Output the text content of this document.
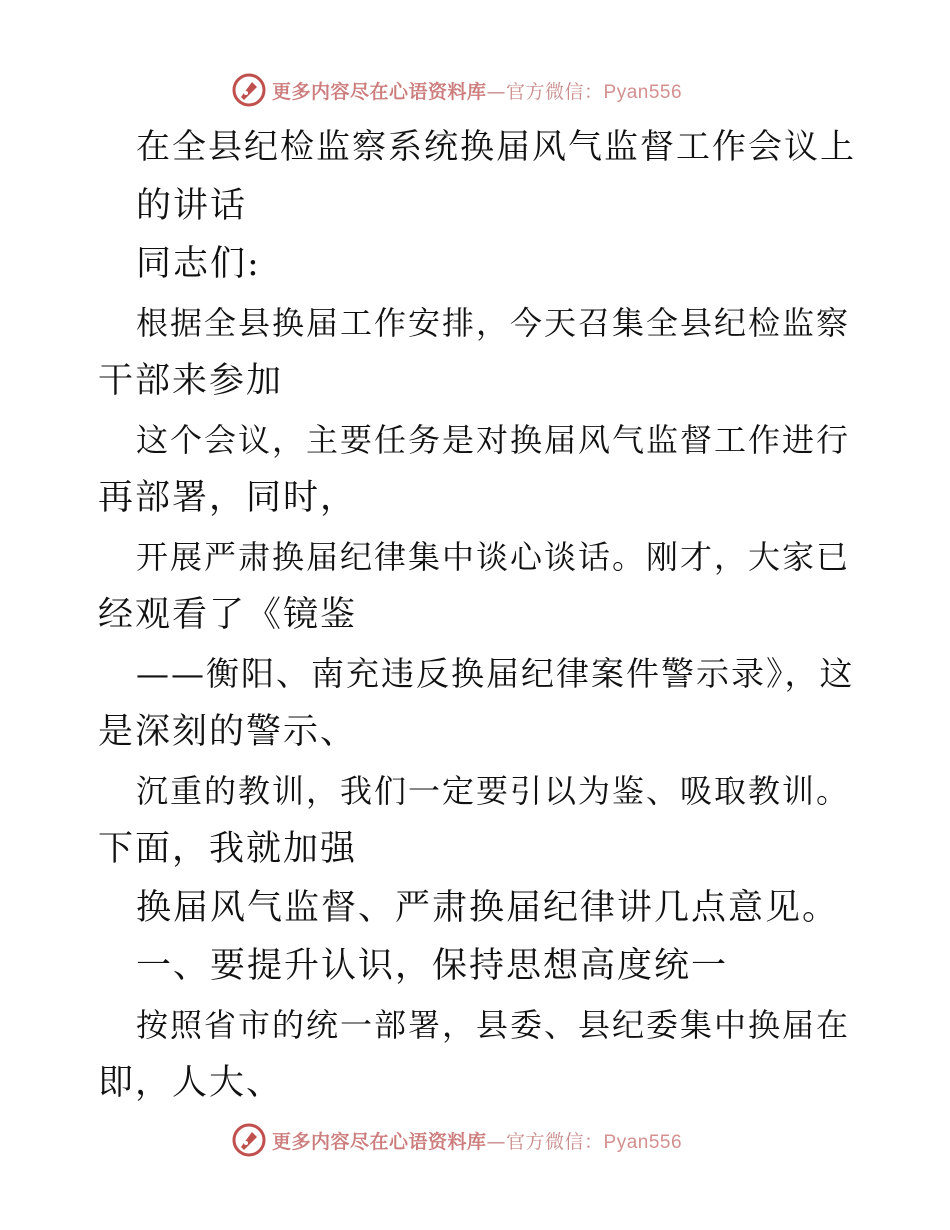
更多内容尽在心语资料库—官方微信：Pyan556
在全县纪检监察系统换届风气监督工作会议上
的讲话
同志们:
根据全县换届工作安排，今天召集全县纪检监察
干部来参加
这个会议，主要任务是对换届风气监督工作进行
再部署，同时，
开展严肃换届纪律集中谈心谈话。刚才，大家已
经观看了《镜鉴
——衡阳、南充违反换届纪律案件警示录》，这
是深刻的警示、
沉重的教训，我们一定要引以为鉴、吸取教训。
下面，我就加强
换届风气监督、严肃换届纪律讲几点意见。
一、要提升认识，保持思想高度统一
按照省市的统一部署，县委、县纪委集中换届在
即，人大、
更多内容尽在心语资料库—官方微信：Pyan556
